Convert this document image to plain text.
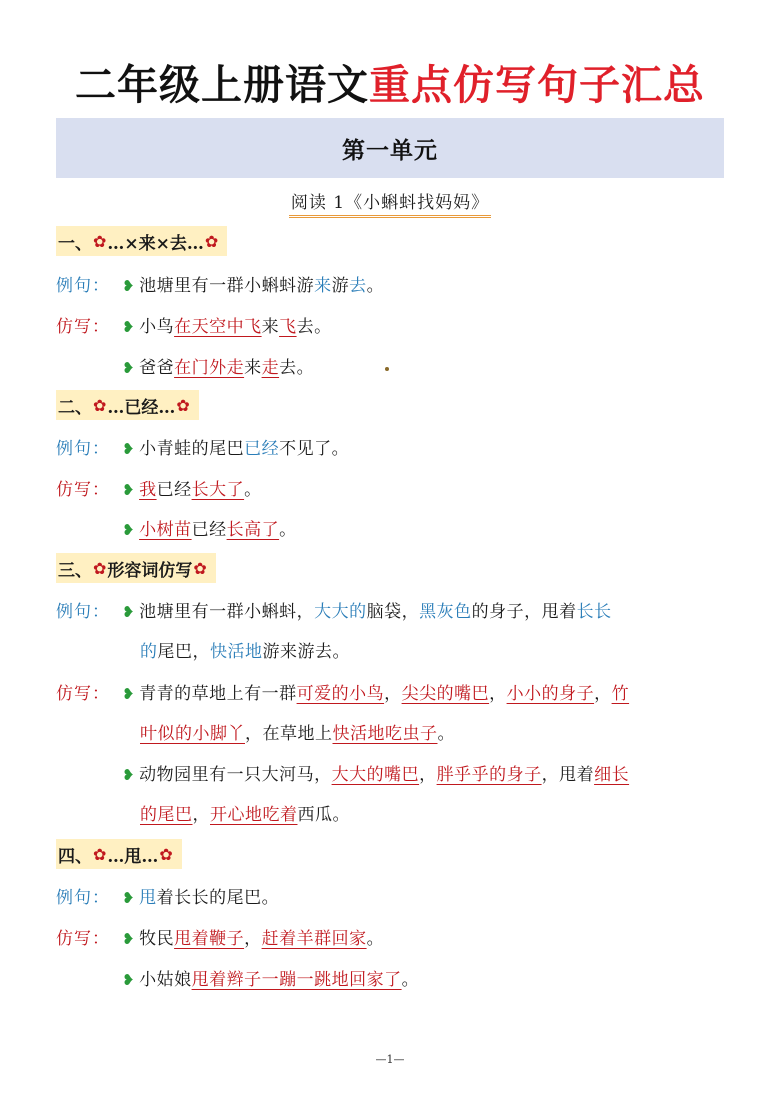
二年级上册语文重点仿写句子汇总
第一单元
阅读 1《小蝌蚪找妈妈》
一、 ✿ …×来×去… ✿
例句： ❥ 池塘里有一群小蝌蚪游来游去。
仿写： ❥ 小鸟在天空中飞来飞去。
❥ 爸爸在门外走来走去。
二、 ✿ …已经… ✿
例句： ❥ 小青蛙的尾巴已经不见了。
仿写： ❥ 我已经长大了。
❥ 小树苗已经长高了。
三、 ✿ 形容词仿写 ✿
例句： ❥ 池塘里有一群小蝌蚪，大大的脑袋，黑灰色的身子，甩着长长
的尾巴，快活地游来游去。
仿写： ❥ 青青的草地上有一群可爱的小鸟，尖尖的嘴巴，小小的身子，竹
叶似的小脚丫，在草地上快活地吃虫子。
❥ 动物园里有一只大河马，大大的嘴巴，胖乎乎的身子，甩着细长
的尾巴，开心地吃着西瓜。
四、 ✿ …甩… ✿
例句： ❥ 甩着长长的尾巴。
仿写： ❥ 牧民甩着鞭子，赶着羊群回家。
❥ 小姑娘甩着辫子一蹦一跳地回家了。
—1—
